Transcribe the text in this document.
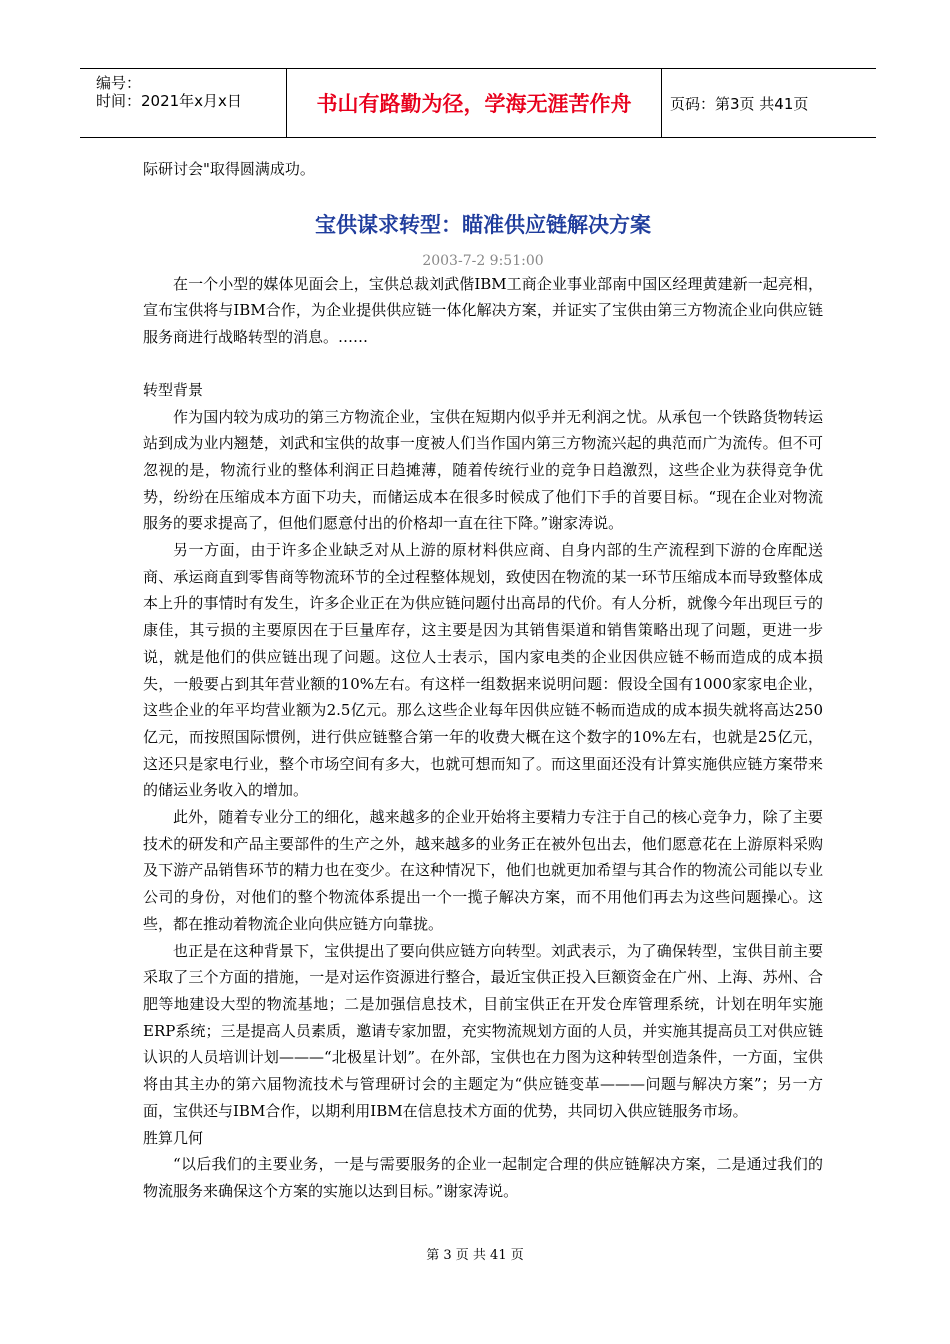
编号：
时间：2021年x月x日	书山有路勤为径，学海无涯苦作舟	页码：第3页 共41页

际研讨会"取得圆满成功。

宝供谋求转型：瞄准供应链解决方案

2003-7-2 9:51:00

在一个小型的媒体见面会上，宝供总裁刘武偕IBM工商企业事业部南中国区经理黄建新一起亮相，宣布宝供将与IBM合作，为企业提供供应链一体化解决方案，并证实了宝供由第三方物流企业向供应链服务商进行战略转型的消息。……

转型背景

作为国内较为成功的第三方物流企业，宝供在短期内似乎并无利润之忧。从承包一个铁路货物转运站到成为业内翘楚，刘武和宝供的故事一度被人们当作国内第三方物流兴起的典范而广为流传。但不可忽视的是，物流行业的整体利润正日趋摊薄，随着传统行业的竞争日趋激烈，这些企业为获得竞争优势，纷纷在压缩成本方面下功夫，而储运成本在很多时候成了他们下手的首要目标。“现在企业对物流服务的要求提高了，但他们愿意付出的价格却一直在往下降。”谢家涛说。

另一方面，由于许多企业缺乏对从上游的原材料供应商、自身内部的生产流程到下游的仓库配送商、承运商直到零售商等物流环节的全过程整体规划，致使因在物流的某一环节压缩成本而导致整体成本上升的事情时有发生，许多企业正在为供应链问题付出高昂的代价。有人分析，就像今年出现巨亏的康佳，其亏损的主要原因在于巨量库存，这主要是因为其销售渠道和销售策略出现了问题，更进一步说，就是他们的供应链出现了问题。这位人士表示，国内家电类的企业因供应链不畅而造成的成本损失，一般要占到其年营业额的10%左右。有这样一组数据来说明问题：假设全国有1000家家电企业，这些企业的年平均营业额为2.5亿元。那么这些企业每年因供应链不畅而造成的成本损失就将高达250亿元，而按照国际惯例，进行供应链整合第一年的收费大概在这个数字的10%左右，也就是25亿元，这还只是家电行业，整个市场空间有多大，也就可想而知了。而这里面还没有计算实施供应链方案带来的储运业务收入的增加。

此外，随着专业分工的细化，越来越多的企业开始将主要精力专注于自己的核心竞争力，除了主要技术的研发和产品主要部件的生产之外，越来越多的业务正在被外包出去，他们愿意花在上游原料采购及下游产品销售环节的精力也在变少。在这种情况下，他们也就更加希望与其合作的物流公司能以专业公司的身份，对他们的整个物流体系提出一个一揽子解决方案，而不用他们再去为这些问题操心。这些，都在推动着物流企业向供应链方向靠拢。

也正是在这种背景下，宝供提出了要向供应链方向转型。刘武表示，为了确保转型，宝供目前主要采取了三个方面的措施，一是对运作资源进行整合，最近宝供正投入巨额资金在广州、上海、苏州、合肥等地建设大型的物流基地；二是加强信息技术，目前宝供正在开发仓库管理系统，计划在明年实施ERP系统；三是提高人员素质，邀请专家加盟，充实物流规划方面的人员，并实施其提高员工对供应链认识的人员培训计划———“北极星计划”。在外部，宝供也在力图为这种转型创造条件，一方面，宝供将由其主办的第六届物流技术与管理研讨会的主题定为“供应链变革———问题与解决方案”；另一方面，宝供还与IBM合作，以期利用IBM在信息技术方面的优势，共同切入供应链服务市场。

胜算几何

“以后我们的主要业务，一是与需要服务的企业一起制定合理的供应链解决方案，二是通过我们的物流服务来确保这个方案的实施以达到目标。”谢家涛说。

第 3 页 共 41 页
